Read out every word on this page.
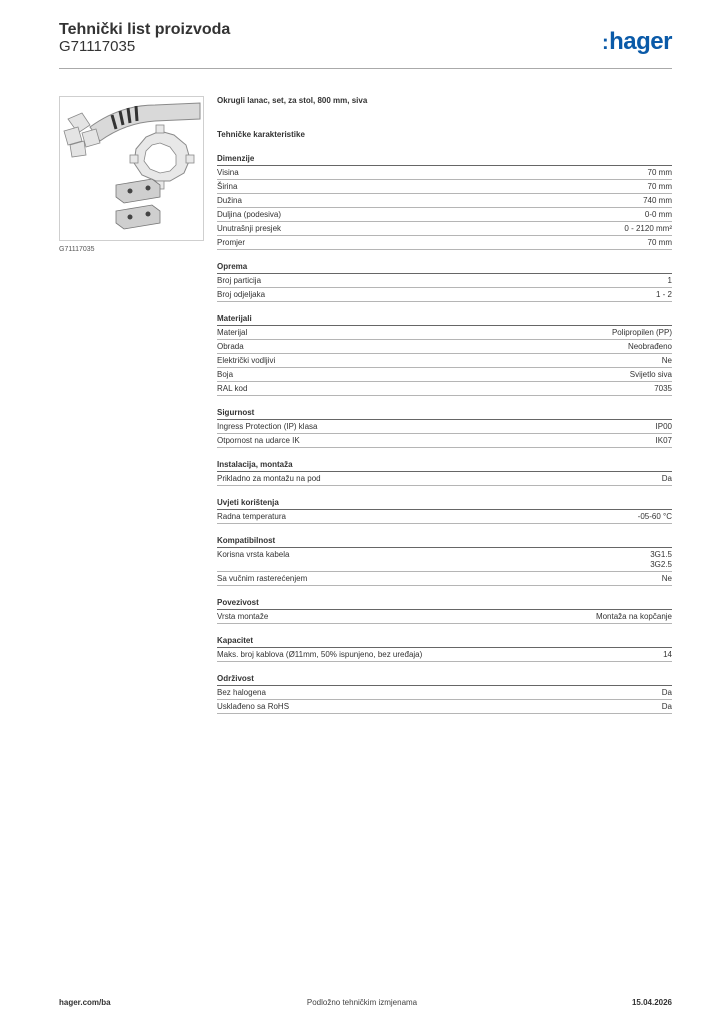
Tehnički list proizvoda
G71117035	:hager
G71117035
Okrugli lanac, set, za stol, 800 mm, siva
Tehničke karakteristike
Dimenzije
Visina	70 mm
Širina	70 mm
Dužina	740 mm
Duljina (podesiva)	0-0 mm
Unutrašnji presjek	0 - 2120 mm²
Promjer	70 mm
Oprema
Broj particija	1
Broj odjeljaka	1 - 2
Materijali
Materijal	Polipropilen (PP)
Obrada	Neobrađeno
Električki vodljivi	Ne
Boja	Svijetlo siva
RAL kod	7035
Sigurnost
Ingress Protection (IP) klasa	IP00
Otpornost na udarce IK	IK07
Instalacija, montaža
Prikladno za montažu na pod	Da
Uvjeti korištenja
Radna temperatura	-05-60 °C
Kompatibilnost
Korisna vrsta kabela	3G1.5
3G2.5
Sa vučnim rasterećenjem	Ne
Povezivost
Vrsta montaže	Montaža na kopčanje
Kapacitet
Maks. broj kablova (Ø11mm, 50% ispunjeno, bez uređaja)	14
Održivost
Bez halogena	Da
Usklađeno sa RoHS	Da
hager.com/ba	Podložno tehničkim izmjenama	15.04.2026
